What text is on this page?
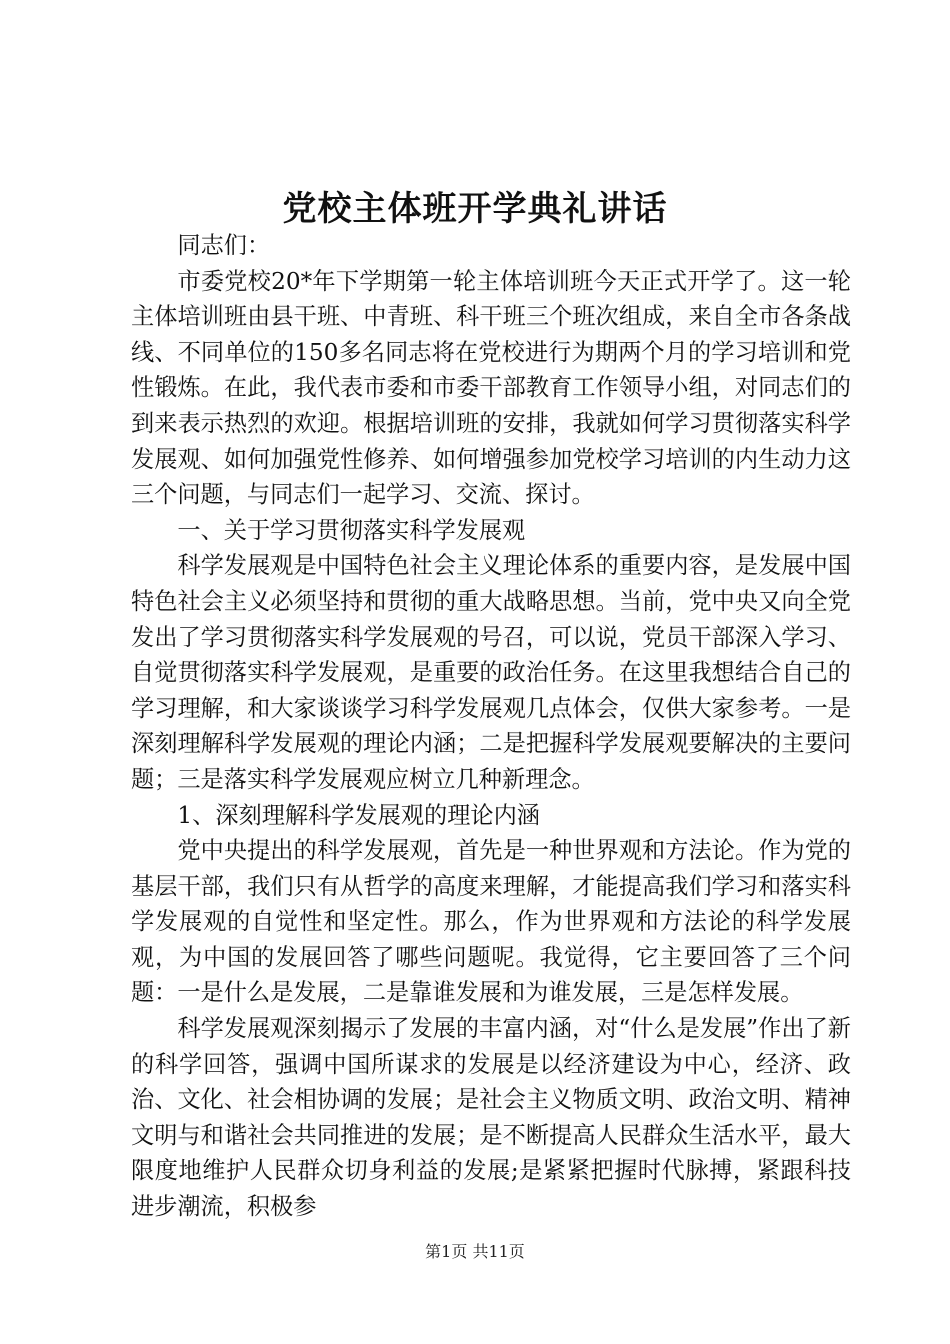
党校主体班开学典礼讲话

同志们：

市委党校20*年下学期第一轮主体培训班今天正式开学了。这一轮主体培训班由县干班、中青班、科干班三个班次组成，来自全市各条战线、不同单位的150多名同志将在党校进行为期两个月的学习培训和党性锻炼。在此，我代表市委和市委干部教育工作领导小组，对同志们的到来表示热烈的欢迎。根据培训班的安排，我就如何学习贯彻落实科学发展观、如何加强党性修养、如何增强参加党校学习培训的内生动力这三个问题，与同志们一起学习、交流、探讨。

一、关于学习贯彻落实科学发展观

科学发展观是中国特色社会主义理论体系的重要内容，是发展中国特色社会主义必须坚持和贯彻的重大战略思想。当前，党中央又向全党发出了学习贯彻落实科学发展观的号召，可以说，党员干部深入学习、自觉贯彻落实科学发展观，是重要的政治任务。在这里我想结合自己的学习理解，和大家谈谈学习科学发展观几点体会，仅供大家参考。一是深刻理解科学发展观的理论内涵；二是把握科学发展观要解决的主要问题；三是落实科学发展观应树立几种新理念。

1、深刻理解科学发展观的理论内涵

党中央提出的科学发展观，首先是一种世界观和方法论。作为党的基层干部，我们只有从哲学的高度来理解，才能提高我们学习和落实科学发展观的自觉性和坚定性。那么，作为世界观和方法论的科学发展观，为中国的发展回答了哪些问题呢。我觉得，它主要回答了三个问题：一是什么是发展，二是靠谁发展和为谁发展，三是怎样发展。

科学发展观深刻揭示了发展的丰富内涵，对“什么是发展”作出了新的科学回答，强调中国所谋求的发展是以经济建设为中心，经济、政治、文化、社会相协调的发展；是社会主义物质文明、政治文明、精神文明与和谐社会共同推进的发展；是不断提高人民群众生活水平，最大限度地维护人民群众切身利益的发展;是紧紧把握时代脉搏，紧跟科技进步潮流，积极参

第1页 共11页
